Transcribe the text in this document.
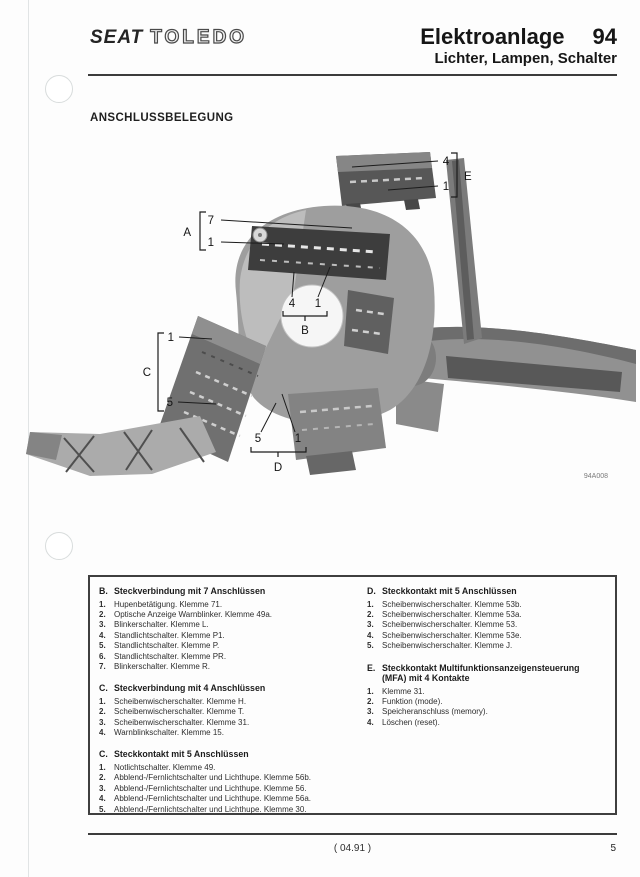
SEAT TOLEDO	Elektroanlage 94
Lichter, Lampen, Schalter
ANSCHLUSSBELEGUNG
7
1
A
4
1
E
4 1
B
1
5
C
5	1
D
94A008
B. Steckverbindung mit 7 Anschlüssen
1.	Hupenbetätigung. Klemme 71.
2.	Optische Anzeige Warnblinker. Klemme 49a.
3.	Blinkerschalter. Klemme L.
4.	Standlichtschalter. Klemme P1.
5.	Standlichtschalter. Klemme P.
6.	Standlichtschalter. Klemme PR.
7.	Blinkerschalter. Klemme R.
C. Steckverbindung mit 4 Anschlüssen
1.	Scheibenwischerschalter. Klemme H.
2.	Scheibenwischerschalter. Klemme T.
3.	Scheibenwischerschalter. Klemme 31.
4.	Warnblinkschalter. Klemme 15.
C. Steckkontakt mit 5 Anschlüssen
1.	Notlichtschalter. Klemme 49.
2.	Abblend-/Fernlichtschalter und Lichthupe. Klemme 56b.
3.	Abblend-/Fernlichtschalter und Lichthupe. Klemme 56.
4.	Abblend-/Fernlichtschalter und Lichthupe. Klemme 56a.
5.	Abblend-/Fernlichtschalter und Lichthupe. Klemme 30.
D. Steckkontakt mit 5 Anschlüssen
1.	Scheibenwischerschalter. Klemme 53b.
2.	Scheibenwischerschalter. Klemme 53a.
3.	Scheibenwischerschalter. Klemme 53.
4.	Scheibenwischerschalter. Klemme 53e.
5.	Scheibenwischerschalter. Klemme J.
E. Steckkontakt Multifunktionsanzeigensteuerung
(MFA) mit 4 Kontakte
1.	Klemme 31.
2.	Funktion (mode).
3.	Speicheranschluss (memory).
4.	Löschen (reset).
( 04.91 )	5
